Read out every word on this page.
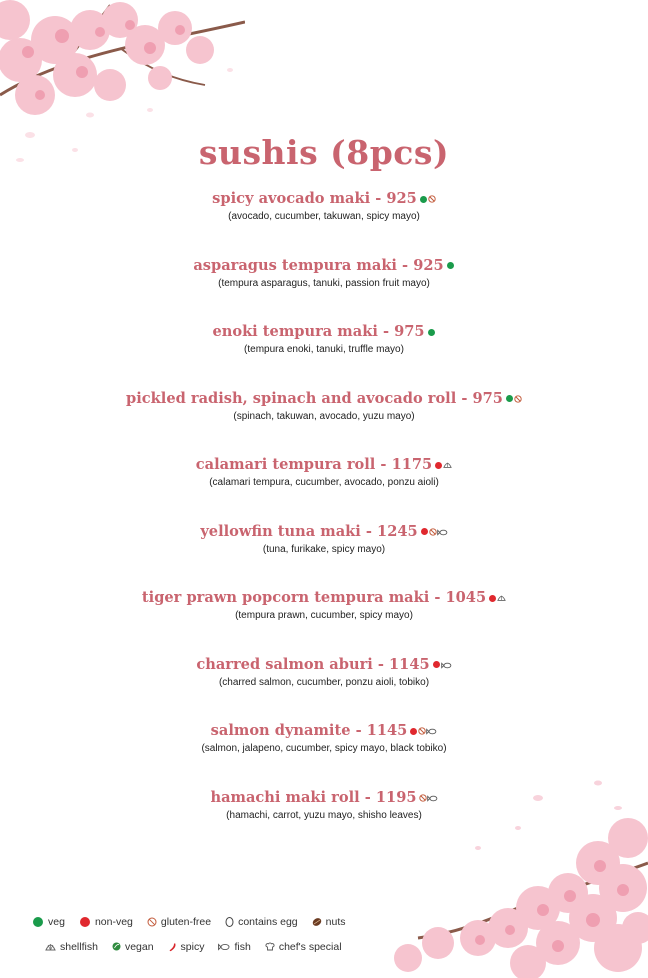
sushis (8pcs)
spicy avocado maki - 925
(avocado, cucumber, takuwan, spicy mayo)
asparagus tempura maki - 925
(tempura asparagus, tanuki, passion fruit mayo)
enoki tempura maki - 975
(tempura enoki, tanuki, truffle mayo)
pickled radish, spinach and avocado roll - 975
(spinach, takuwan, avocado, yuzu mayo)
calamari tempura roll - 1175
(calamari tempura, cucumber, avocado, ponzu aioli)
yellowfin tuna maki - 1245
(tuna, furikake, spicy mayo)
tiger prawn popcorn tempura maki - 1045
(tempura prawn, cucumber, spicy mayo)
charred salmon aburi - 1145
(charred salmon, cucumber, ponzu aioli, tobiko)
salmon dynamite - 1145
(salmon, jalapeno, cucumber, spicy mayo, black tobiko)
hamachi maki roll - 1195
(hamachi, carrot, yuzu mayo, shisho leaves)
veg	non-veg	gluten-free	contains egg	nuts
shellfish	vegan	spicy	fish	chef's special
